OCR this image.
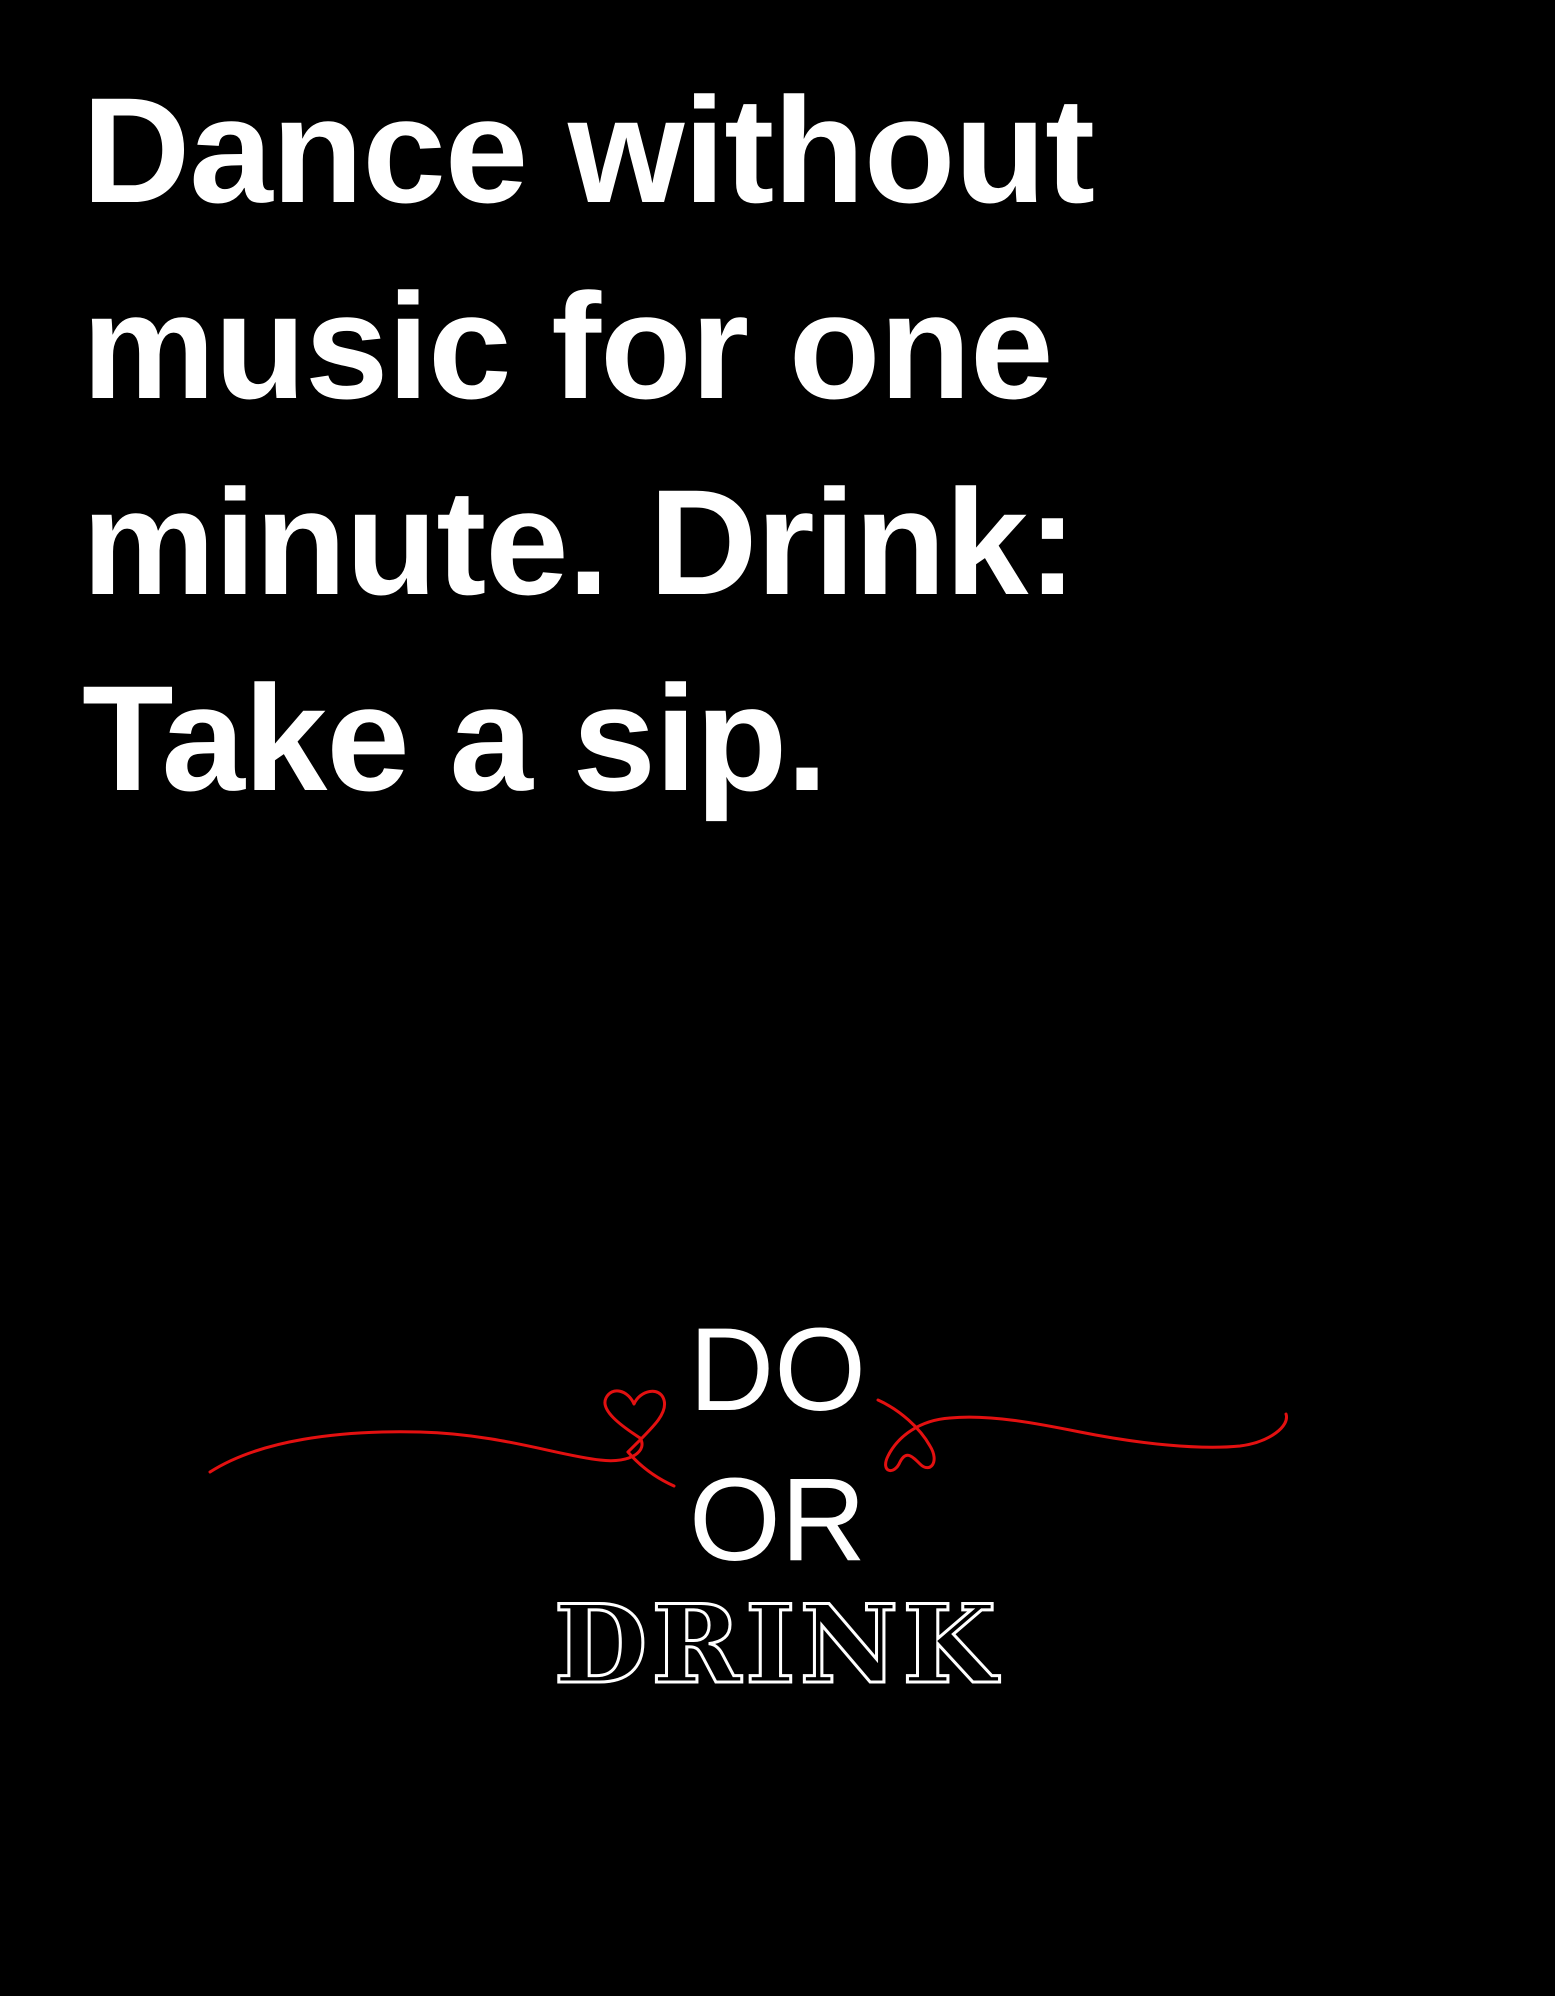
Dance without music for one minute. Drink: Take a sip.

DO

OR

DRINK
